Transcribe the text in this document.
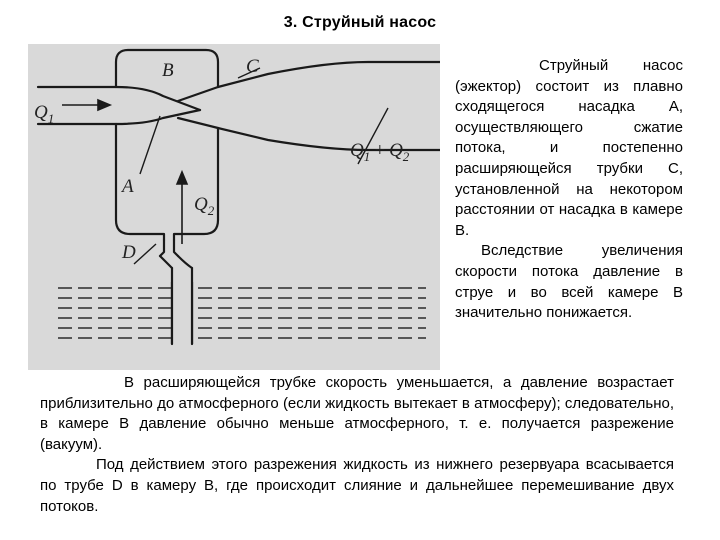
3. Струйный насос
$Q_1$
B	C
A
$Q_2$
$Q_1 + Q_2$
D

Струйный насос (эжектор) состоит из плавно сходящегося насадка A, осуществляющего сжатие потока, и постепенно расширяющейся трубки C, установленной на некотором расстоянии от насадка в камере B.

Вследствие увеличения скорости потока давление в струе и во всей камере B значительно понижается.

В расширяющейся трубке скорость уменьшается, а давление возрастает приблизительно до атмосферного (если жидкость вытекает в атмосферу); следовательно, в камере B давление обычно меньше атмосферного, т. е. получается разрежение (вакуум).

Под действием этого разрежения жидкость из нижнего резервуара всасывается по трубе D в камеру B, где происходит слияние и дальнейшее перемешивание двух потоков.
